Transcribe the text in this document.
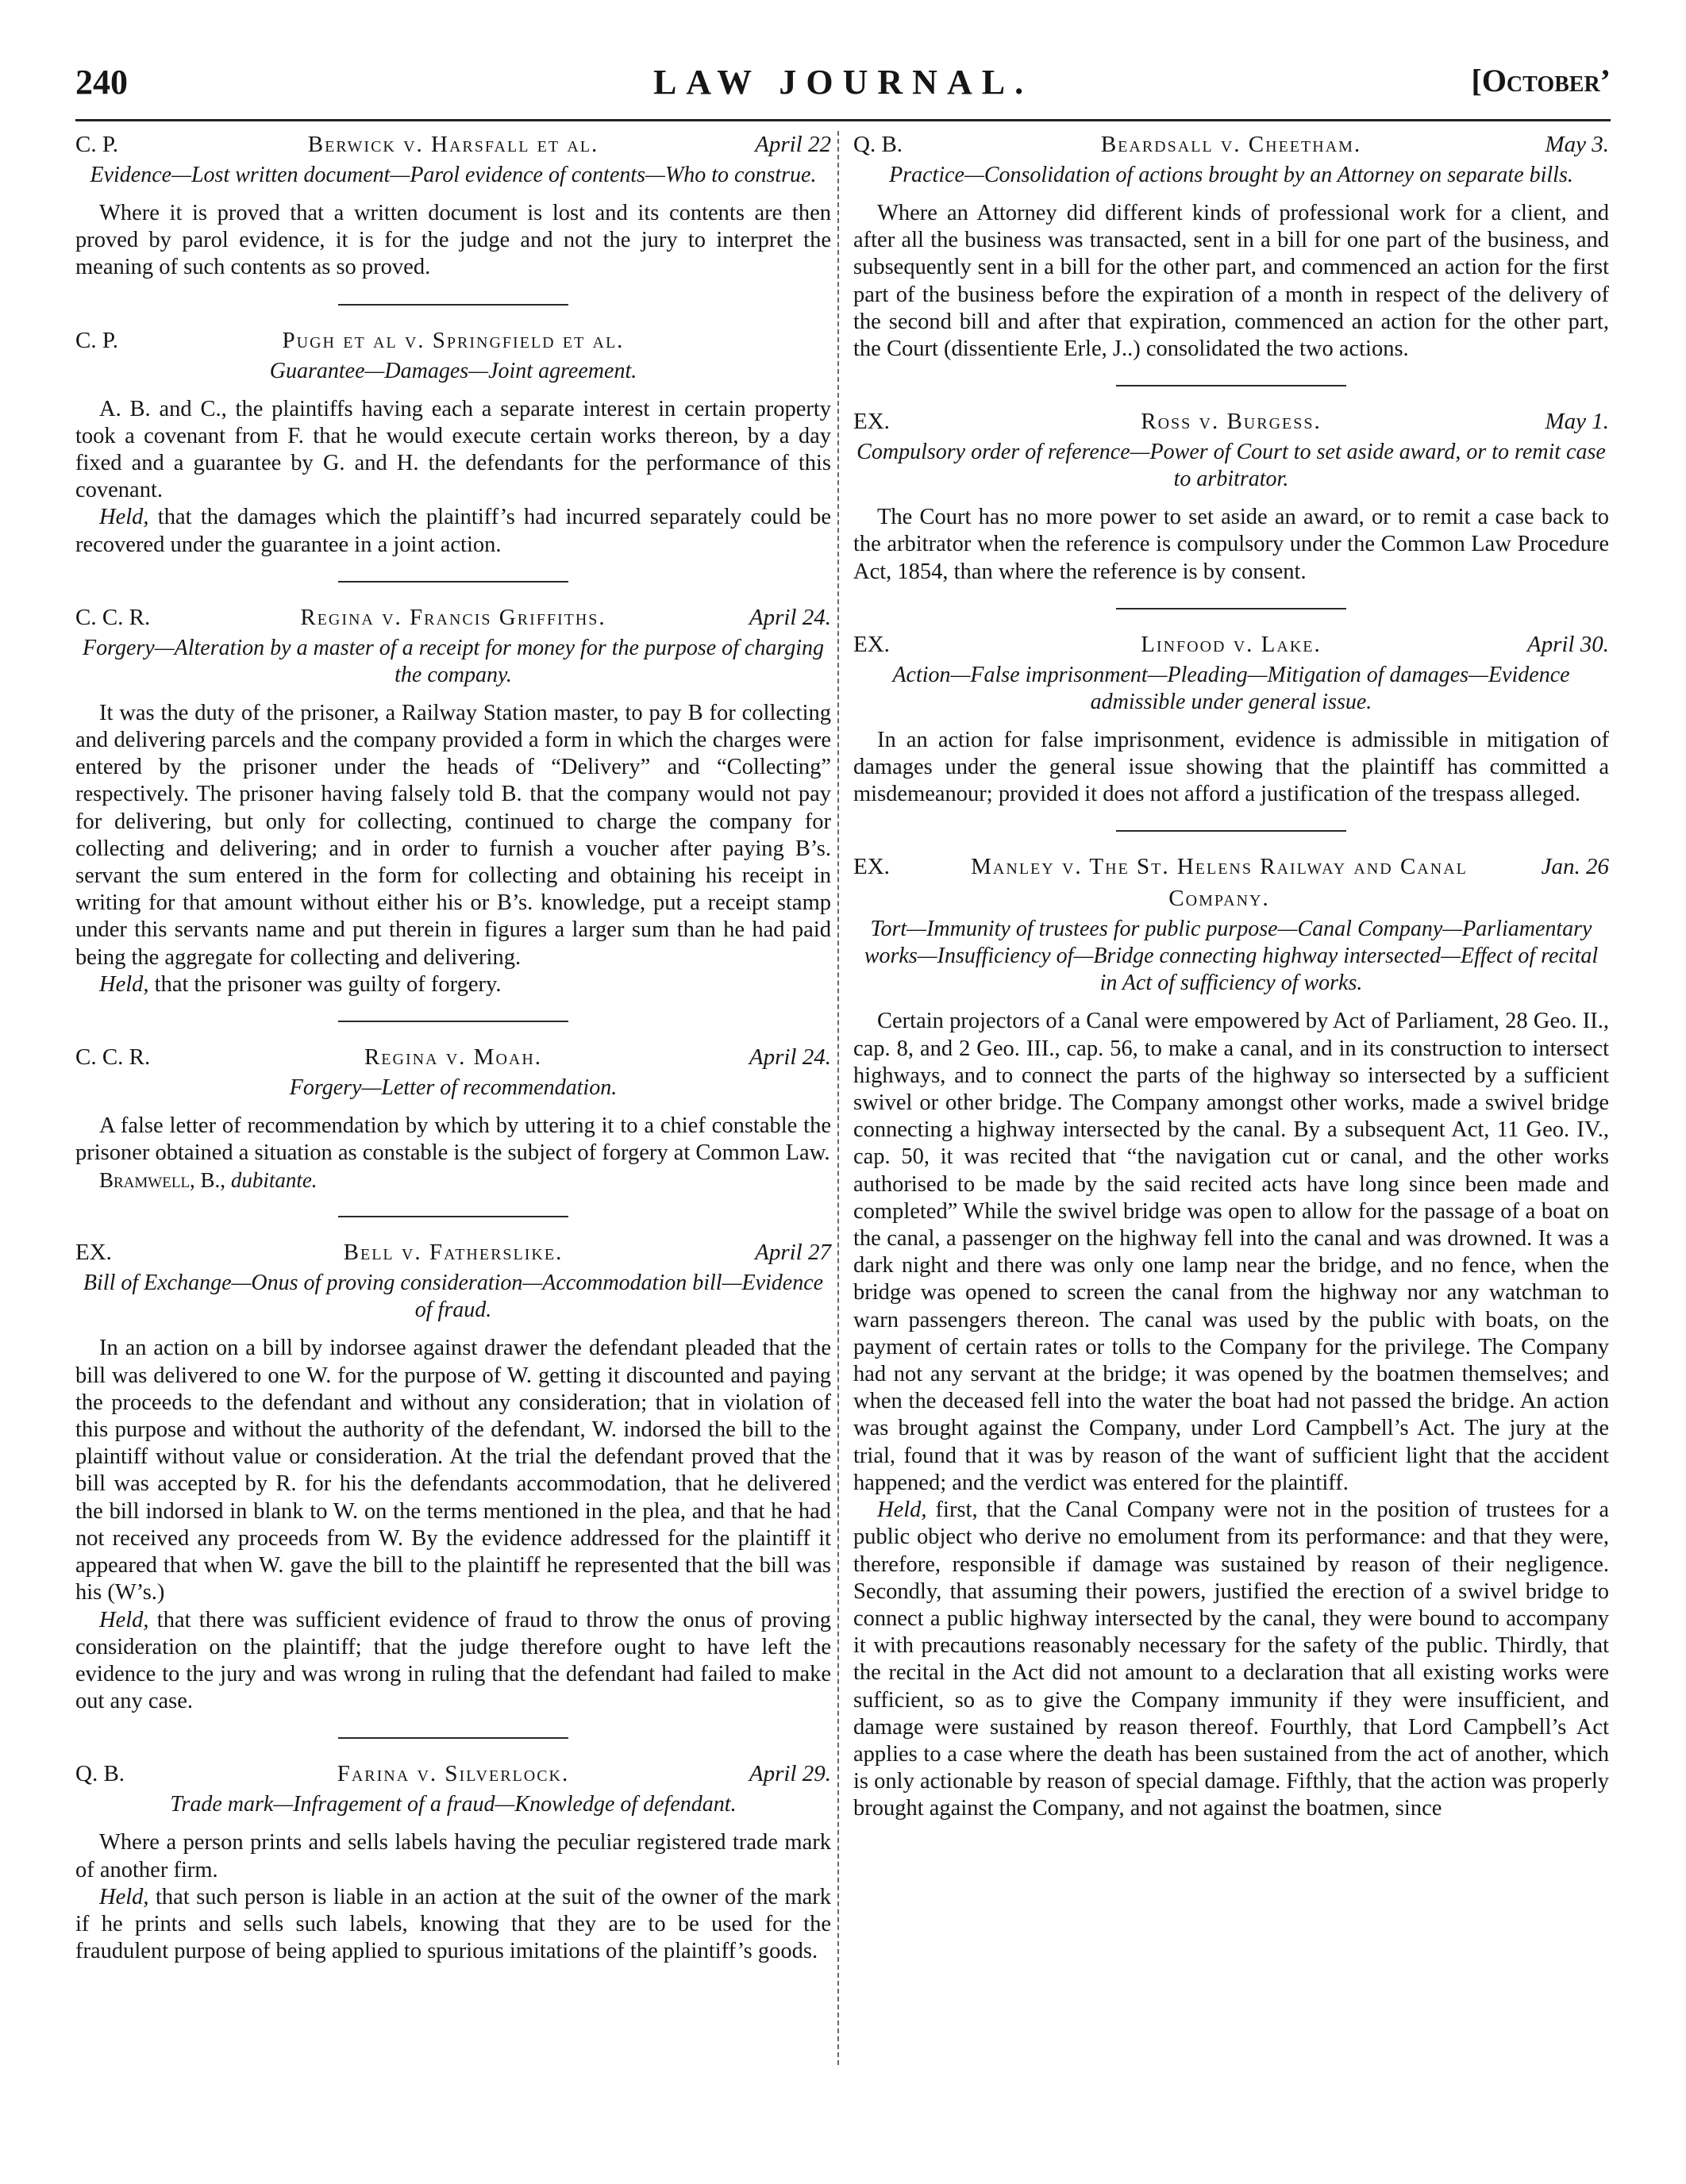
240	LAW JOURNAL.	[October’
C. P.	Berwick v. Harsfall et al.	April 22
Evidence—Lost written document—Parol evidence of contents—Who to construe.

Where it is proved that a written document is lost and its contents are then proved by parol evidence, it is for the judge and not the jury to interpret the meaning of such contents as so proved.

C. P.	Pugh et al v. Springfield et al.
Guarantee—Damages—Joint agreement.

A. B. and C., the plaintiffs having each a separate interest in certain property took a covenant from F. that he would execute certain works thereon, by a day fixed and a guarantee by G. and H. the defendants for the performance of this covenant.

Held, that the damages which the plaintiff’s had incurred separately could be recovered under the guarantee in a joint action.

C. C. R.	Regina v. Francis Griffiths.	April 24.
Forgery—Alteration by a master of a receipt for money for the purpose of charging the company.

It was the duty of the prisoner, a Railway Station master, to pay B for collecting and delivering parcels and the company provided a form in which the charges were entered by the prisoner under the heads of “Delivery” and “Collecting” respectively. The prisoner having falsely told B. that the company would not pay for delivering, but only for collecting, continued to charge the company for collecting and delivering; and in order to furnish a voucher after paying B’s. servant the sum entered in the form for collecting and obtaining his receipt in writing for that amount without either his or B’s. knowledge, put a receipt stamp under this servants name and put therein in figures a larger sum than he had paid being the aggregate for collecting and delivering.

Held, that the prisoner was guilty of forgery.

C. C. R.	Regina v. Moah.	April 24.
Forgery—Letter of recommendation.

A false letter of recommendation by which by uttering it to a chief constable the prisoner obtained a situation as constable is the subject of forgery at Common Law.

Bramwell, B., dubitante.

EX.	Bell v. Fatherslike.	April 27
Bill of Exchange—Onus of proving consideration—Accommodation bill—Evidence of fraud.

In an action on a bill by indorsee against drawer the defendant pleaded that the bill was delivered to one W. for the purpose of W. getting it discounted and paying the proceeds to the defendant and without any consideration; that in violation of this purpose and without the authority of the defendant, W. indorsed the bill to the plaintiff without value or consideration. At the trial the defendant proved that the bill was accepted by R. for his the defendants accommodation, that he delivered the bill indorsed in blank to W. on the terms mentioned in the plea, and that he had not received any proceeds from W. By the evidence addressed for the plaintiff it appeared that when W. gave the bill to the plaintiff he represented that the bill was his (W’s.)

Held, that there was sufficient evidence of fraud to throw the onus of proving consideration on the plaintiff; that the judge therefore ought to have left the evidence to the jury and was wrong in ruling that the defendant had failed to make out any case.

Q. B.	Farina v. Silverlock.	April 29.
Trade mark—Infragement of a fraud—Knowledge of defendant.

Where a person prints and sells labels having the peculiar registered trade mark of another firm.

Held, that such person is liable in an action at the suit of the owner of the mark if he prints and sells such labels, knowing that they are to be used for the fraudulent purpose of being applied to spurious imitations of the plaintiff’s goods.

Q. B.	Beardsall v. Cheetham.	May 3.
Practice—Consolidation of actions brought by an Attorney on separate bills.

Where an Attorney did different kinds of professional work for a client, and after all the business was transacted, sent in a bill for one part of the business, and subsequently sent in a bill for the other part, and commenced an action for the first part of the business before the expiration of a month in respect of the delivery of the second bill and after that expiration, commenced an action for the other part, the Court (dissentiente Erle, J..) consolidated the two actions.

EX.	Ross v. Burgess.	May 1.
Compulsory order of reference—Power of Court to set aside award, or to remit case to arbitrator.

The Court has no more power to set aside an award, or to remit a case back to the arbitrator when the reference is compulsory under the Common Law Procedure Act, 1854, than where the reference is by consent.

EX.	Linfood v. Lake.	April 30.
Action—False imprisonment—Pleading—Mitigation of damages—Evidence admissible under general issue.

In an action for false imprisonment, evidence is admissible in mitigation of damages under the general issue showing that the plaintiff has committed a misdemeanour; provided it does not afford a justification of the trespass alleged.

EX.	Manley v. The St. Helens Railway and Canal Company.
Jan. 26
Tort—Immunity of trustees for public purpose—Canal Company—Parliamentary works—Insufficiency of—Bridge connecting highway intersected—Effect of recital in Act of sufficiency of works.

Certain projectors of a Canal were empowered by Act of Parliament, 28 Geo. II., cap. 8, and 2 Geo. III., cap. 56, to make a canal, and in its construction to intersect highways, and to connect the parts of the highway so intersected by a sufficient swivel or other bridge. The Company amongst other works, made a swivel bridge connecting a highway intersected by the canal. By a subsequent Act, 11 Geo. IV., cap. 50, it was recited that “the navigation cut or canal, and the other works authorised to be made by the said recited acts have long since been made and completed” While the swivel bridge was open to allow for the passage of a boat on the canal, a passenger on the highway fell into the canal and was drowned. It was a dark night and there was only one lamp near the bridge, and no fence, when the bridge was opened to screen the canal from the highway nor any watchman to warn passengers thereon. The canal was used by the public with boats, on the payment of certain rates or tolls to the Company for the privilege. The Company had not any servant at the bridge; it was opened by the boatmen themselves; and when the deceased fell into the water the boat had not passed the bridge. An action was brought against the Company, under Lord Campbell’s Act. The jury at the trial, found that it was by reason of the want of sufficient light that the accident happened; and the verdict was entered for the plaintiff.

Held, first, that the Canal Company were not in the position of trustees for a public object who derive no emolument from its performance: and that they were, therefore, responsible if damage was sustained by reason of their negligence. Secondly, that assuming their powers, justified the erection of a swivel bridge to connect a public highway intersected by the canal, they were bound to accompany it with precautions reasonably necessary for the safety of the public. Thirdly, that the recital in the Act did not amount to a declaration that all existing works were sufficient, so as to give the Company immunity if they were insufficient, and damage were sustained by reason thereof. Fourthly, that Lord Campbell’s Act applies to a case where the death has been sustained from the act of another, which is only actionable by reason of special damage. Fifthly, that the action was properly brought against the Company, and not against the boatmen, since
